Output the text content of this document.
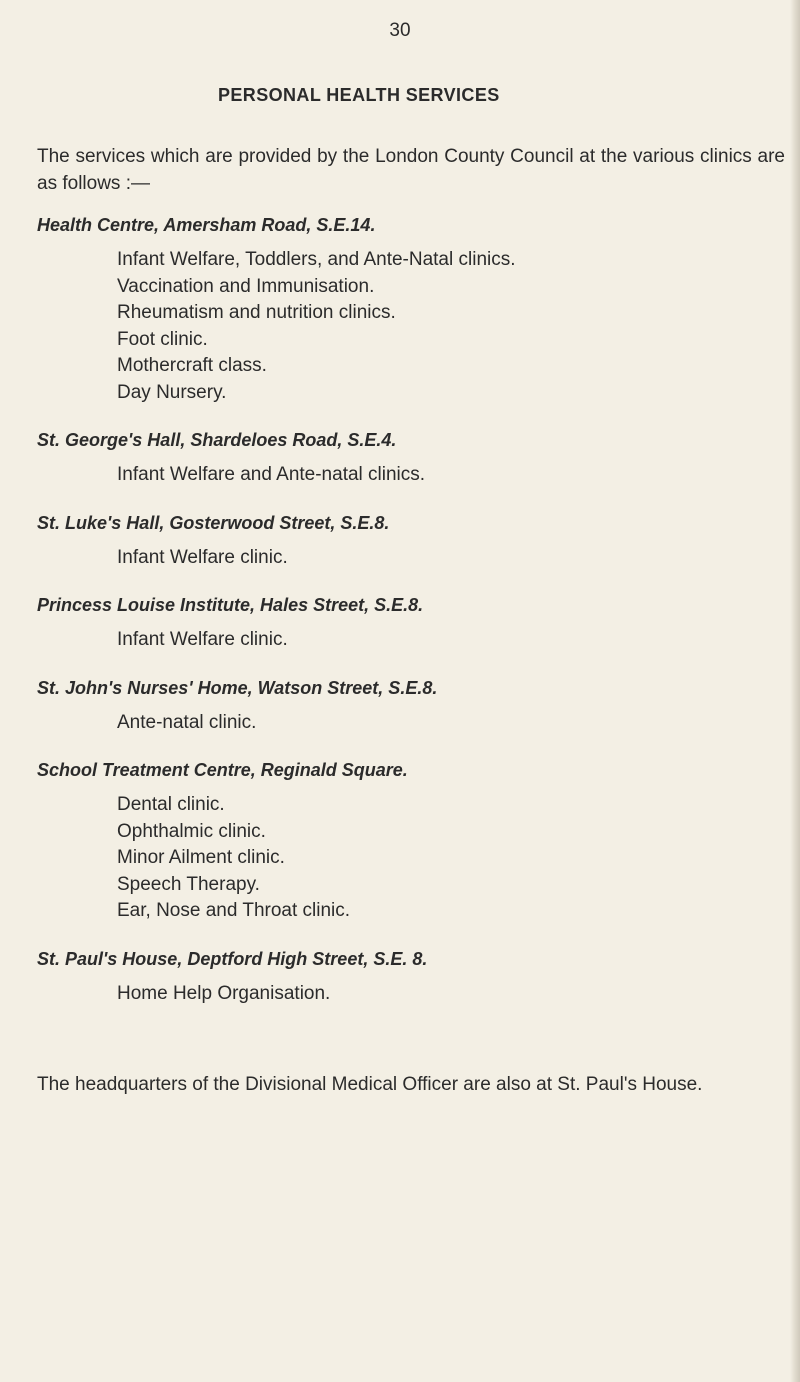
30
PERSONAL HEALTH SERVICES

The services which are provided by the London County Council at the various clinics are as follows :—

Health Centre, Amersham Road, S.E.14.

Infant Welfare, Toddlers, and Ante-Natal clinics.
Vaccination and Immunisation.
Rheumatism and nutrition clinics.
Foot clinic.
Mothercraft class.
Day Nursery.

St. George's Hall, Shardeloes Road, S.E.4.

Infant Welfare and Ante-natal clinics.

St. Luke's Hall, Gosterwood Street, S.E.8.

Infant Welfare clinic.

Princess Louise Institute, Hales Street, S.E.8.

Infant Welfare clinic.

St. John's Nurses' Home, Watson Street, S.E.8.

Ante-natal clinic.

School Treatment Centre, Reginald Square.

Dental clinic.
Ophthalmic clinic.
Minor Ailment clinic.
Speech Therapy.
Ear, Nose and Throat clinic.

St. Paul's House, Deptford High Street, S.E. 8.

Home Help Organisation.

The headquarters of the Divisional Medical Officer are also at St. Paul's House.
